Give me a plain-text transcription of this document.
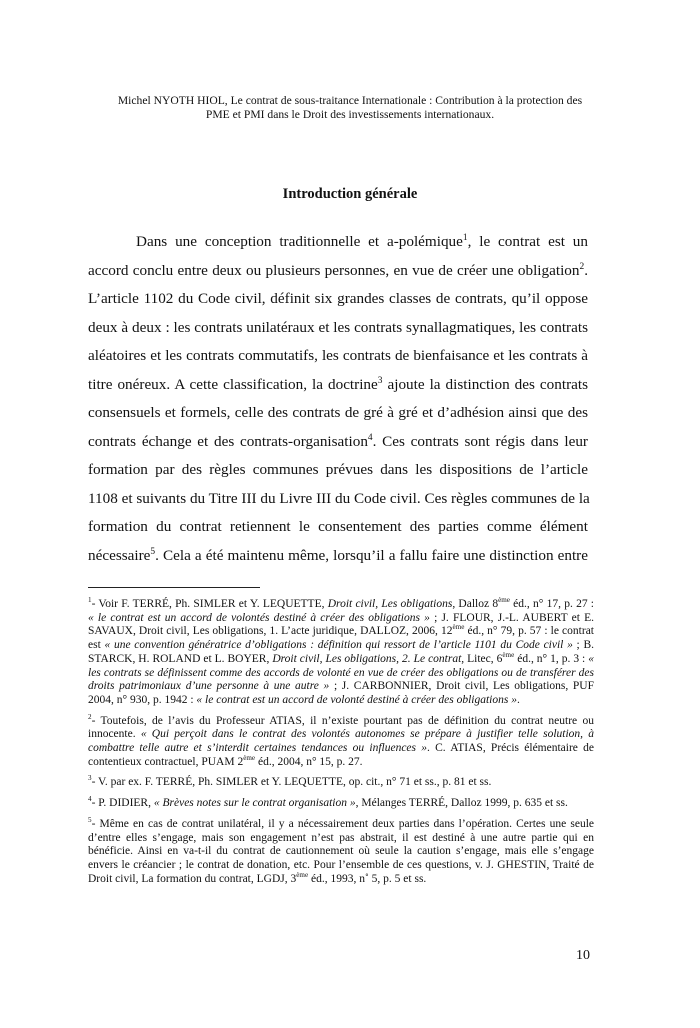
Michel NYOTH HIOL, Le contrat de sous-traitance Internationale : Contribution à la protection des
PME et PMI dans le Droit des investissements internationaux.
Introduction générale
Dans une conception traditionnelle et a-polémique$^1$, le contrat est un
accord conclu entre deux ou plusieurs personnes, en vue de créer une obligation$^2$.
L’article 1102 du Code civil, définit six grandes classes de contrats, qu’il oppose
deux à deux : les contrats unilatéraux et les contrats synallagmatiques, les contrats
aléatoires et les contrats commutatifs, les contrats de bienfaisance et les contrats à
titre onéreux. A cette classification, la doctrine$^3$ ajoute la distinction des contrats
consensuels et formels, celle des contrats de gré à gré et d’adhésion ainsi que des
contrats échange et des contrats-organisation$^4$. Ces contrats sont régis dans leur
formation par des règles communes prévues dans les dispositions de l’article
1108 et suivants du Titre III du Livre III du Code civil. Ces règles communes de la
formation du contrat retiennent le consentement des parties comme élément
nécessaire$^5$. Cela a été maintenu même, lorsqu’il a fallu faire une distinction entre
$^1$- Voir F. TERRÉ, Ph. SIMLER et Y. LEQUETTE, Droit civil, Les obligations, Dalloz 8ème éd., n° 17, p. 27 : « le contrat est un accord de volontés destiné à créer des obligations » ; J. FLOUR, J.-L. AUBERT et E. SAVAUX, Droit civil, Les obligations, 1. L’acte juridique, DALLOZ, 2006, 12ème éd., n° 79, p. 57 : le contrat est « une convention génératrice d’obligations : définition qui ressort de l’article 1101 du Code civil » ; B. STARCK, H. ROLAND et L. BOYER, Droit civil, Les obligations, 2. Le contrat, Litec, 6ème éd., n° 1, p. 3 : « les contrats se définissent comme des accords de volonté en vue de créer des obligations ou de transférer des droits patrimoniaux d’une personne à une autre » ; J. CARBONNIER, Droit civil, Les obligations, PUF 2004, n° 930, p. 1942 : « le contrat est un accord de volonté destiné à créer des obligations ».
$^2$- Toutefois, de l’avis du Professeur ATIAS, il n’existe pourtant pas de définition du contrat neutre ou innocente. « Qui perçoit dans le contrat des volontés autonomes se prépare à justifier telle solution, à combattre telle autre et s’interdit certaines tendances ou influences ». C. ATIAS, Précis élémentaire de contentieux contractuel, PUAM 2ème éd., 2004, n° 15, p. 27.
$^3$- V. par ex. F. TERRÉ, Ph. SIMLER et Y. LEQUETTE, op. cit., n° 71 et ss., p. 81 et ss.
$^4$- P. DIDIER, « Brèves notes sur le contrat organisation », Mélanges TERRÉ, Dalloz 1999, p. 635 et ss.
$^5$- Même en cas de contrat unilatéral, il y a nécessairement deux parties dans l’opération. Certes une seule d’entre elles s’engage, mais son engagement n’est pas abstrait, il est destiné à une autre partie qui en bénéficie. Ainsi en va-t-il du contrat de cautionnement où seule la caution s’engage, mais elle s’engage envers le créancier ; le contrat de donation, etc. Pour l’ensemble de ces questions, v. J. GHESTIN, Traité de Droit civil, La formation du contrat, LGDJ, 3ème éd., 1993, n˚ 5, p. 5 et ss.
10
